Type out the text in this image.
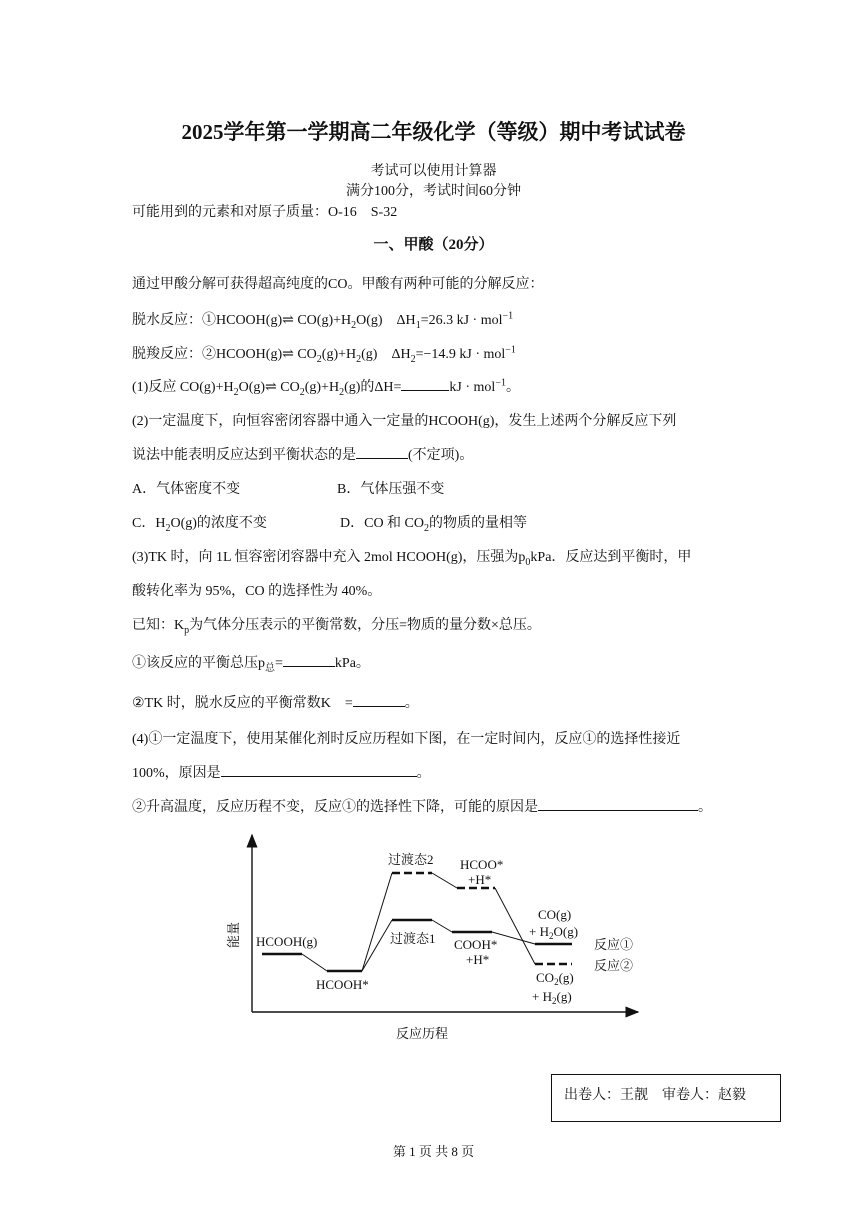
2025学年第一学期高二年级化学（等级）期中考试试卷
考试可以使用计算器
满分100分，考试时间60分钟
可能用到的元素和对原子质量：O-16　S-32
一、甲酸（20分）
通过甲酸分解可获得超高纯度的CO。甲酸有两种可能的分解反应：
脱水反应：①HCOOH(g)⇌ $CO(g)+H_2O(g)$　$\Delta H_1=26.3$ kJ · mol$^{-1}$
脱羧反应：②HCOOH(g)⇌ $CO_2(g)+H_2(g)$　$\Delta H_2=-14.9$ kJ · mol$^{-1}$
(1)反应 $CO(g)+H_2O(g)\rightleftharpoons$ $CO_2(g)+H_2(g)$的ΔH=	kJ · mol$^{-1}$。
(2)一定温度下，向恒容密闭容器中通入一定量的HCOOH(g)，发生上述两个分解反应下列
说法中能表明反应达到平衡状态的是	(不定项)。
A．气体密度不变	B．气体压强不变
C．$H_2O(g)$的浓度不变	D．CO 和 $CO_2$的物质的量相等
(3)TK 时，向 1L 恒容密闭容器中充入 2mol HCOOH(g)，压强为$p_0kPa$．反应达到平衡时，甲
酸转化率为 95%，CO 的选择性为 40%。
已知：$K_p$为气体分压表示的平衡常数，分压=物质的量分数×总压。
①该反应的平衡总压$p_总=$	kPa。
②TK 时，脱水反应的平衡常数K　=	。
(4)①一定温度下，使用某催化剂时反应历程如下图，在一定时间内，反应①的选择性接近
100%，原因是	。
②升高温度，反应历程不变，反应①的选择性下降，可能的原因是	。
能量
反应历程
HCOOH(g)
HCOOH*
过渡态1
过渡态2
COOH*
+H*
HCOO*
+H*
CO(g)
+ $H_2O(g)$
$CO_2(g)$
+ $H_2(g)$
反应①
反应②
出卷人：王靓　审卷人：赵毅
第 1 页 共 8 页
